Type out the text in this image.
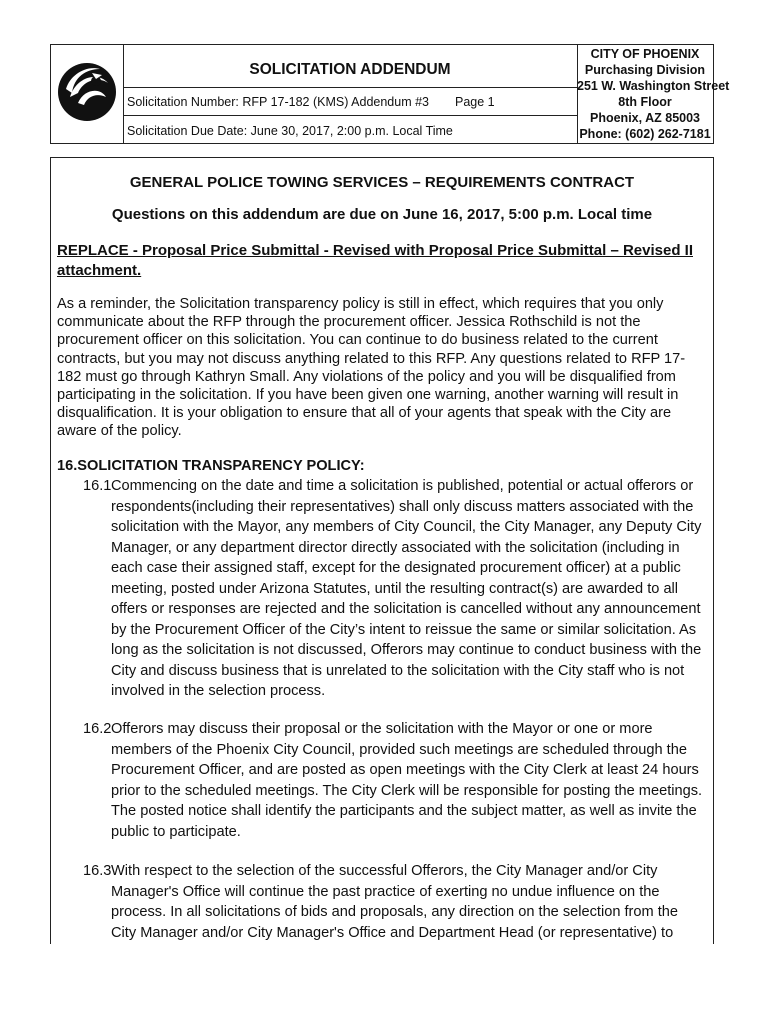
SOLICITATION ADDENDUM
Solicitation Number: RFP 17-182 (KMS) Addendum #3 Page 1
Solicitation Due Date: June 30, 2017, 2:00 p.m. Local Time
CITY OF PHOENIX
Purchasing Division
251 W. Washington Street
8th Floor
Phoenix, AZ 85003
Phone: (602) 262-7181
GENERAL POLICE TOWING SERVICES – REQUIREMENTS CONTRACT
Questions on this addendum are due on June 16, 2017, 5:00 p.m. Local time
REPLACE - Proposal Price Submittal - Revised with Proposal Price Submittal – Revised II attachment.
As a reminder, the Solicitation transparency policy is still in effect, which requires that you only communicate about the RFP through the procurement officer. Jessica Rothschild is not the procurement officer on this solicitation. You can continue to do business related to the current contracts, but you may not discuss anything related to this RFP. Any questions related to RFP 17-182 must go through Kathryn Small. Any violations of the policy and you will be disqualified from participating in the solicitation. If you have been given one warning, another warning will result in disqualification. It is your obligation to ensure that all of your agents that speak with the City are aware of the policy.
16.SOLICITATION TRANSPARENCY POLICY:
16.1 Commencing on the date and time a solicitation is published, potential or actual offerors or respondents(including their representatives) shall only discuss matters associated with the solicitation with the Mayor, any members of City Council, the City Manager, any Deputy City Manager, or any department director directly associated with the solicitation (including in each case their assigned staff, except for the designated procurement officer) at a public meeting, posted under Arizona Statutes, until the resulting contract(s) are awarded to all offers or responses are rejected and the solicitation is cancelled without any announcement by the Procurement Officer of the City’s intent to reissue the same or similar solicitation. As long as the solicitation is not discussed, Offerors may continue to conduct business with the City and discuss business that is unrelated to the solicitation with the City staff who is not involved in the selection process.
16.2 Offerors may discuss their proposal or the solicitation with the Mayor or one or more members of the Phoenix City Council, provided such meetings are scheduled through the Procurement Officer, and are posted as open meetings with the City Clerk at least 24 hours prior to the scheduled meetings. The City Clerk will be responsible for posting the meetings. The posted notice shall identify the participants and the subject matter, as well as invite the public to participate.
16.3 With respect to the selection of the successful Offerors, the City Manager and/or City Manager's Office will continue the past practice of exerting no undue influence on the process. In all solicitations of bids and proposals, any direction on the selection from the City Manager and/or City Manager's Office and Department Head (or representative) to
